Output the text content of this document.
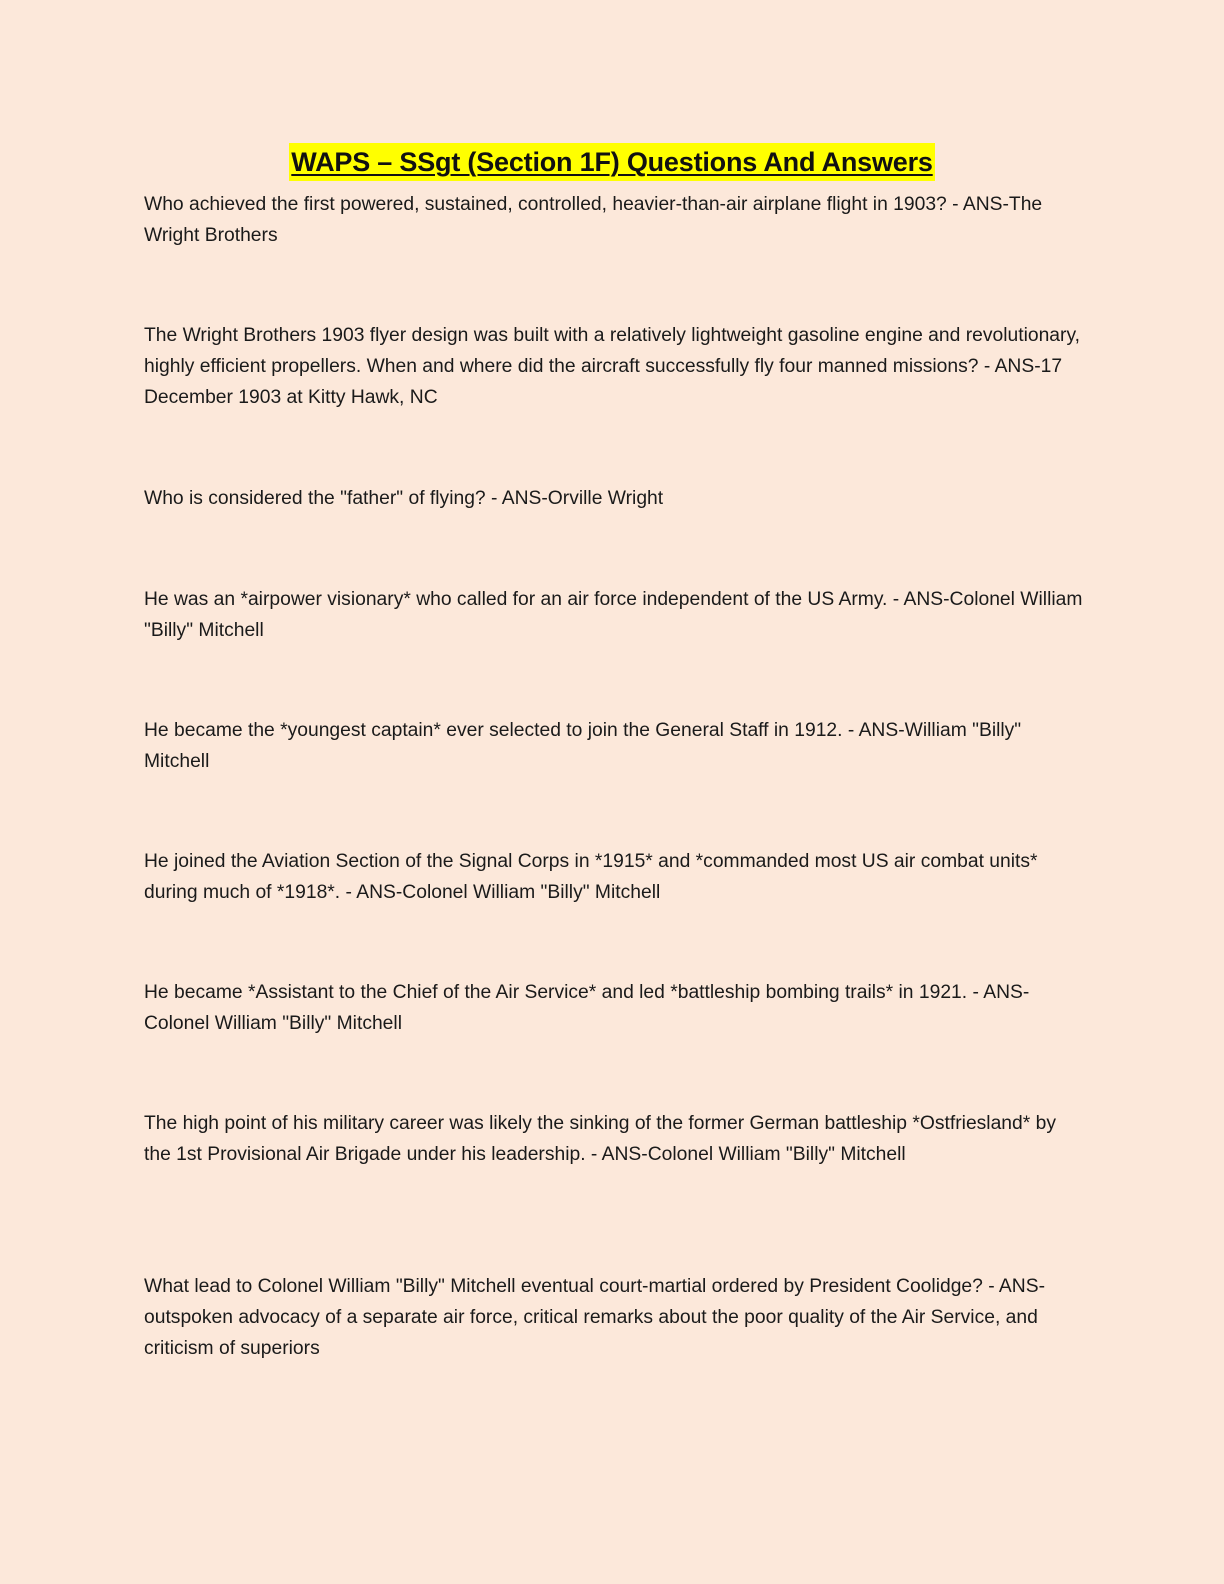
WAPS – SSgt (Section 1F) Questions And Answers

Who achieved the first powered, sustained, controlled, heavier-than-air airplane flight in 1903? - ANS-The Wright Brothers

The Wright Brothers 1903 flyer design was built with a relatively lightweight gasoline engine and revolutionary, highly efficient propellers. When and where did the aircraft successfully fly four manned missions? - ANS-17 December 1903 at Kitty Hawk, NC

Who is considered the "father" of flying? - ANS-Orville Wright

He was an *airpower visionary* who called for an air force independent of the US Army. - ANS-Colonel William "Billy" Mitchell

He became the *youngest captain* ever selected to join the General Staff in 1912. - ANS-William "Billy" Mitchell

He joined the Aviation Section of the Signal Corps in *1915* and *commanded most US air combat units* during much of *1918*. - ANS-Colonel William "Billy" Mitchell

He became *Assistant to the Chief of the Air Service* and led *battleship bombing trails* in 1921. - ANS-Colonel William "Billy" Mitchell

The high point of his military career was likely the sinking of the former German battleship *Ostfriesland* by the 1st Provisional Air Brigade under his leadership. - ANS-Colonel William "Billy" Mitchell

What lead to Colonel William "Billy" Mitchell eventual court-martial ordered by President Coolidge? - ANS-outspoken advocacy of a separate air force, critical remarks about the poor quality of the Air Service, and criticism of superiors
